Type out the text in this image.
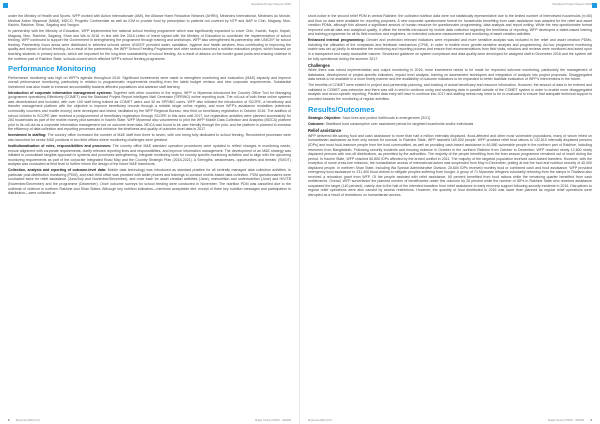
Standard Project Report 2016

under the Ministry of Health and Sports. WFP worked with Action Internationale (AMI), the Alliance Harm Reduction Network (AHRN), Médecins International, Médecins du Monde, Medical Action Myanmar (MAM), MDCO, Progetto Continentale as well as IOM to provide food by prescription to patients not covered by NTP and NAP in Chin, Magway, Mon, Kachin, Rakhine, Shan, Sagaing and Yangon.

In partnership with the Ministry of Education, WFP implemented the national school feeding programme which was significantly expanded to cover Chin, Kachin, Kayin, Kayah, Magway, Mon, Rakhine, Sagaing, Shan and Wa in 2016. In line with the 2016 Letter of Intent signed with the Ministry of Education to coordinate the implementation of school feeding, WFP continued to support the Government in strengthening the programme through training and workshops. WFP also strengthened its partnership with UNICEF for school feeding. Partnership focus areas were distributed in selected schools where UNICEF provided water, sanitation, hygiene and health services, thus contributing to improving the quality and impact of school feeding. As a result of the partnership, the WFP School Feeding Programme and other sectors launched a nutrition education project, which focused on teaching students in primary schools, which are important for the long-term sustainability of school feeding. As a result of attacks on the border guard posts and ensuing violence in the northern part of Rakhine State, schools closed which affected WFP's school feeding programme.

Performance Monitoring

Performance monitoring was high on WFP's agenda throughout 2016. Significant investments were made to strengthen monitoring and evaluation (M&E) capacity and improve overall performance monitoring, particularly in relation to programmatic requirements resulting from the latest budget revision and new corporate requirements. Substantial investment was also made to enhance accountability towards affected populations and advance staff learning.

Introduction of corporate information management systems: Together with other countries in the region, WFP in Myanmar introduced the Country Office Tool for Managing (programme operations) Effectively (COMET) and the Standard Project Report Intelligent Mail Generator (SPRING) online reporting tools. The roll-out of both these online systems was decentralised and included, with over 100 staff being trained as COMET users and 30 as SPRING users. WFP also initiated the introduction of SCOPE, a beneficiary and transfer management platform with the objective to improve beneficiary records through a reliable single online registry, and more WFP's assistance modalities (electronic commodity vouchers and mobile money) were developed and tested, facilitated by the WFP Regional Bureau, new field on beneficiary registration in October 2016. The addition of school children to SCOPE later received a postponement of beneficiary registration through SCOPE in this area until 2017, but registration activities were planned successfully for 284 households as part of the mobile money pilot scenario in Kachin State. WFP Myanmar also volunteered to pilot the WFP Mobile Data Collection and Analytics (MDCA) platform prior to its roll-out as a corporate information management tool on outcome-level data. MDCA was found to be user friendly through the pilot, and the platform is planned to increase the efficiency of data collection and reporting processes and enhance the timeliness and quality of outcome-level data in 2017.

Investment in staffing: The country office increased the number of M&E staff from three to seven, with one being fully dedicated to school feeding. Recruitment processes were also launched for senior M&E positions in two field offices where monitoring challenges were greatest.

Institutionalisation of roles, responsibilities and processes: The country office M&E standard operation procedures were updated to reflect changes in monitoring needs, ensure alignment with corporate requirements, clarify relevant reporting lines and responsibilities, and improve information management. The development of an M&E strategy was initiated to consolidate tangible approach in systems and processes strengthening, integrate monitoring tools for country specific monitoring activities and to align with the upcoming monitoring requirements as part of the corporate Integrated Road Map and the Country Strategic Plan (2018-2021). A Strengths, weaknesses, opportunities and threats' (SWOT) analysis was conducted at field level to further inform the design of the future M&E framework.

Collection, analysis and reporting of outcome-level data: Mobile data technology was introduced as standard practice for all centrally managed data collection activities, in particular post-distribution monitoring (PDM), and each field office was provided with tablet phones and trainings to conduct mobile-based data collection. PDM questionnaires were conducted twice for relief assistance (June/July and November/December), and once each for asset creation activities (June), malnutrition and undernutrition (June) and HIV/TB (November/December) and the programme (December). Once outcome surveys for school feeding were conducted in November. The nutrition PDM was cancelled due to the outbreak of violence in northern Rakhine and Shan States. Although key nutrition indicators—minimum acceptable diet, except of three key nutrition messages and participation in distribution—were collected at

8	Myanmar (MM) (CO)	Single Country PRRO - 200299
Standard Project Report 2016

short-notice in the second relief PDM in central Rakhine, the collected nutrition data were not statistically representative due to the limited number of interviewed households (n=50) and thus no data were available for reporting purposes. A new corporate questionnaire format for households benefiting from cash assistance was adapted for the relief and asset creation PDMs, although this allowed a significant amount of human resource for questionnaire programming, data analysis and report writing. While the new questionnaire format improved overall data and analytical quality, it offset the benefits introduced by mobile data collection regarding the timeliness of reporting. WFP developed a tablet-based training and training programme for all its field monitors and engineers, on extended outcome measurement and monitoring of asset creation activities.

Enhanced internal programming: Gender and protection relevant indicators were expanded and more sensitive analysis was included in the relief and asset creation PDMs, including the utilisation of the complaints and feedback mechanism (CFM), in order to enable more gender-sensitive analysis and programming. Ad-hoc programme monitoring matrix was set up jointly to streamline the monitoring and reporting process and ensure that recommendations from field visits, missions and reviews were monitored and acted upon in a transparent and easily accessible manner. Structured guidance on system compliance and data quality were developed for assigned staff in December 2016 and the system will be fully operational during the summer 2017.

Challenges

While there was robust implementation and output monitoring in 2016, more investment needs to be made for improved outcome monitoring, particularly the management of databases, development of project-specific indicators, impact level analysis, training on assessment techniques and integration of analysis into project proposals. Disaggregated data needs to be available in a more timely manner and the availability of outcome indicators to be expanded to better facilitate evaluation of WFP's interventions in the future.

The benefits of COMET were evident in project and partnership planning, and tracking of actual beneficiary and resource information. However, the amount of data to be entered and validated in COMET was extensive and there was still a need to continue using and analysing data in parallel outside of the COMET system in order to enable more disaggregated analysis and donor-specific reporting. Parallel data entry will have to continue into 2017 and staffing needs may need to be re-evaluated to ensure that adequate technical support is provided towards the monitoring of regular activities.

Results/Outcomes

Strategic Objective: Save lives and protect livelihoods in emergencies (SO1)

Outcome: Stabilised food consumption over assistance period for targeted households and/or individuals

Relief assistance

WFP delivered life-saving food and cash assistance to more than half a million internally displaced, flood-affected and other most vulnerable populations, many of whom relied on humanitarian assistance as their only means for survival. In Rakhine State, WFP assisted 169,000 people. WFP provided relief food rations to 132,810 internally displaced persons (IDPs) and most food-insecure people from the host communities, as well as providing cash-based assistance to 46,580 vulnerable people in the northern part of Rakhine, including returnees from Bangladesh. Following security incidents and ensuing violence in October in the northern Rakhine from October to December, WFP reached nearly 12,600 newly displaced persons with one-off distributions, as permitted by the authorities. The majority of the people benefiting from the lean season programme remained out of reach during the period. In Kachin State, WFP reached 60,800 IDPs affected by the armed conflict in 2011. The majority of the targeted population received cash-based transfers. However, with the exception of some cross-line missions, the humanitarian access of international actors was suspended from May to December, putting at risk the food and nutrition security of 40,000 displaced people. In northern Shan State, including Wa Special Administrative Division, 20,600 IDPs received monthly food or combined cash and food assistance. WFP provided emergency food assistance to 231,400 flood victims to mitigate peoples suffering from hunger. A group of 71 Myanmar refugees voluntarily returning from the camps in Thailand also received a relocation grant from WFP. Of the people assisted with relief assistance, 60 percent benefited from food rations while the remaining quarter benefited from cash entitlements. Overall, WFP surveillance the planned number of beneficiaries under this outcome by 26 percent while the number of IDPs in Rakhine State who received assistance surpassed the target (140 percent), mainly due to the halt of the intended transition from relief assistance to early recovery support following security incidents in 2016. Disruptions to regular relief operations were also caused by access restrictions. However, the quantity of food distributed in 2016 was lower than planned as regular relief operations were disrupted as a result of restrictions on humanitarian access.

Myanmar (MM) (CO)	Single Country PRRO - 200299	9
